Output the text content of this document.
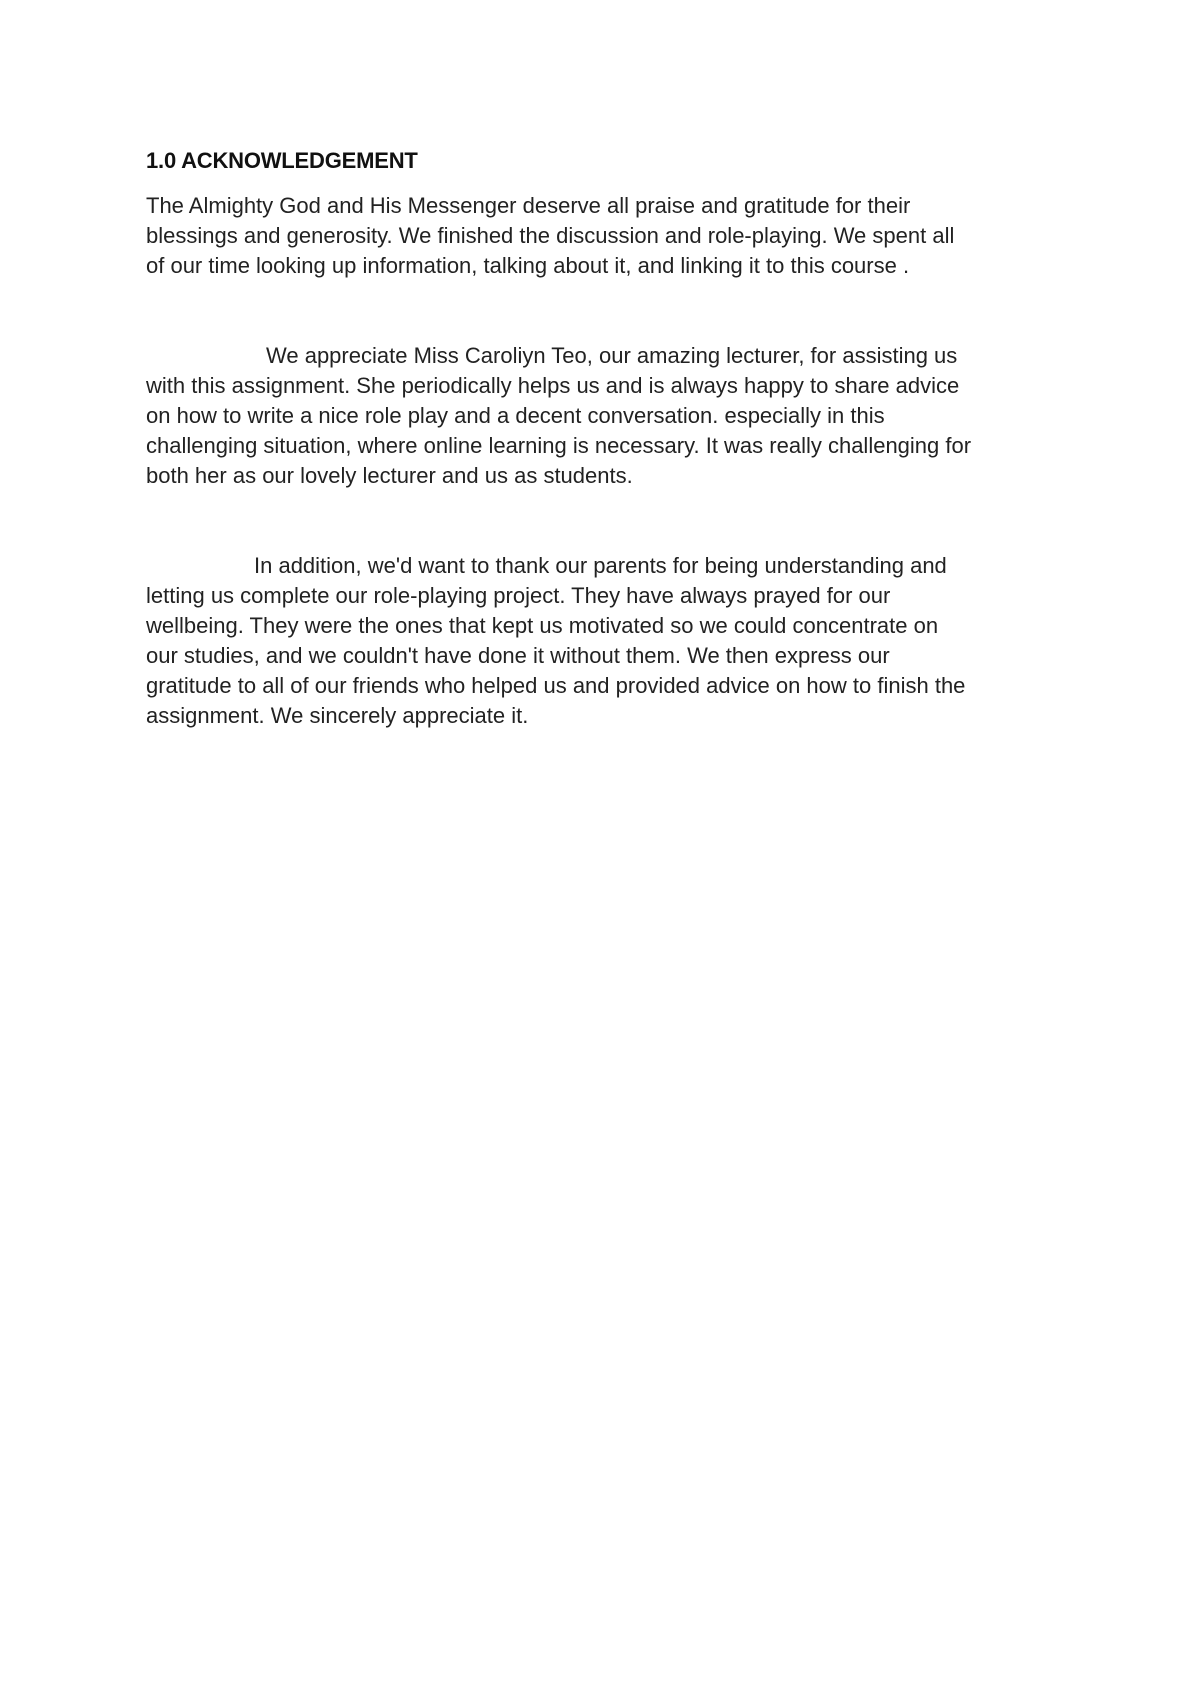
1.0 ACKNOWLEDGEMENT

The Almighty God and His Messenger deserve all praise and gratitude for their
blessings and generosity. We finished the discussion and role-playing. We spent all
of our time looking up information, talking about it, and linking it to this course .

We appreciate Miss Caroliyn Teo, our amazing lecturer, for assisting us
with this assignment. She periodically helps us and is always happy to share advice
on how to write a nice role play and a decent conversation. especially in this
challenging situation, where online learning is necessary. It was really challenging for
both her as our lovely lecturer and us as students.

In addition, we'd want to thank our parents for being understanding and
letting us complete our role-playing project. They have always prayed for our
wellbeing. They were the ones that kept us motivated so we could concentrate on
our studies, and we couldn't have done it without them. We then express our
gratitude to all of our friends who helped us and provided advice on how to finish the
assignment. We sincerely appreciate it.
